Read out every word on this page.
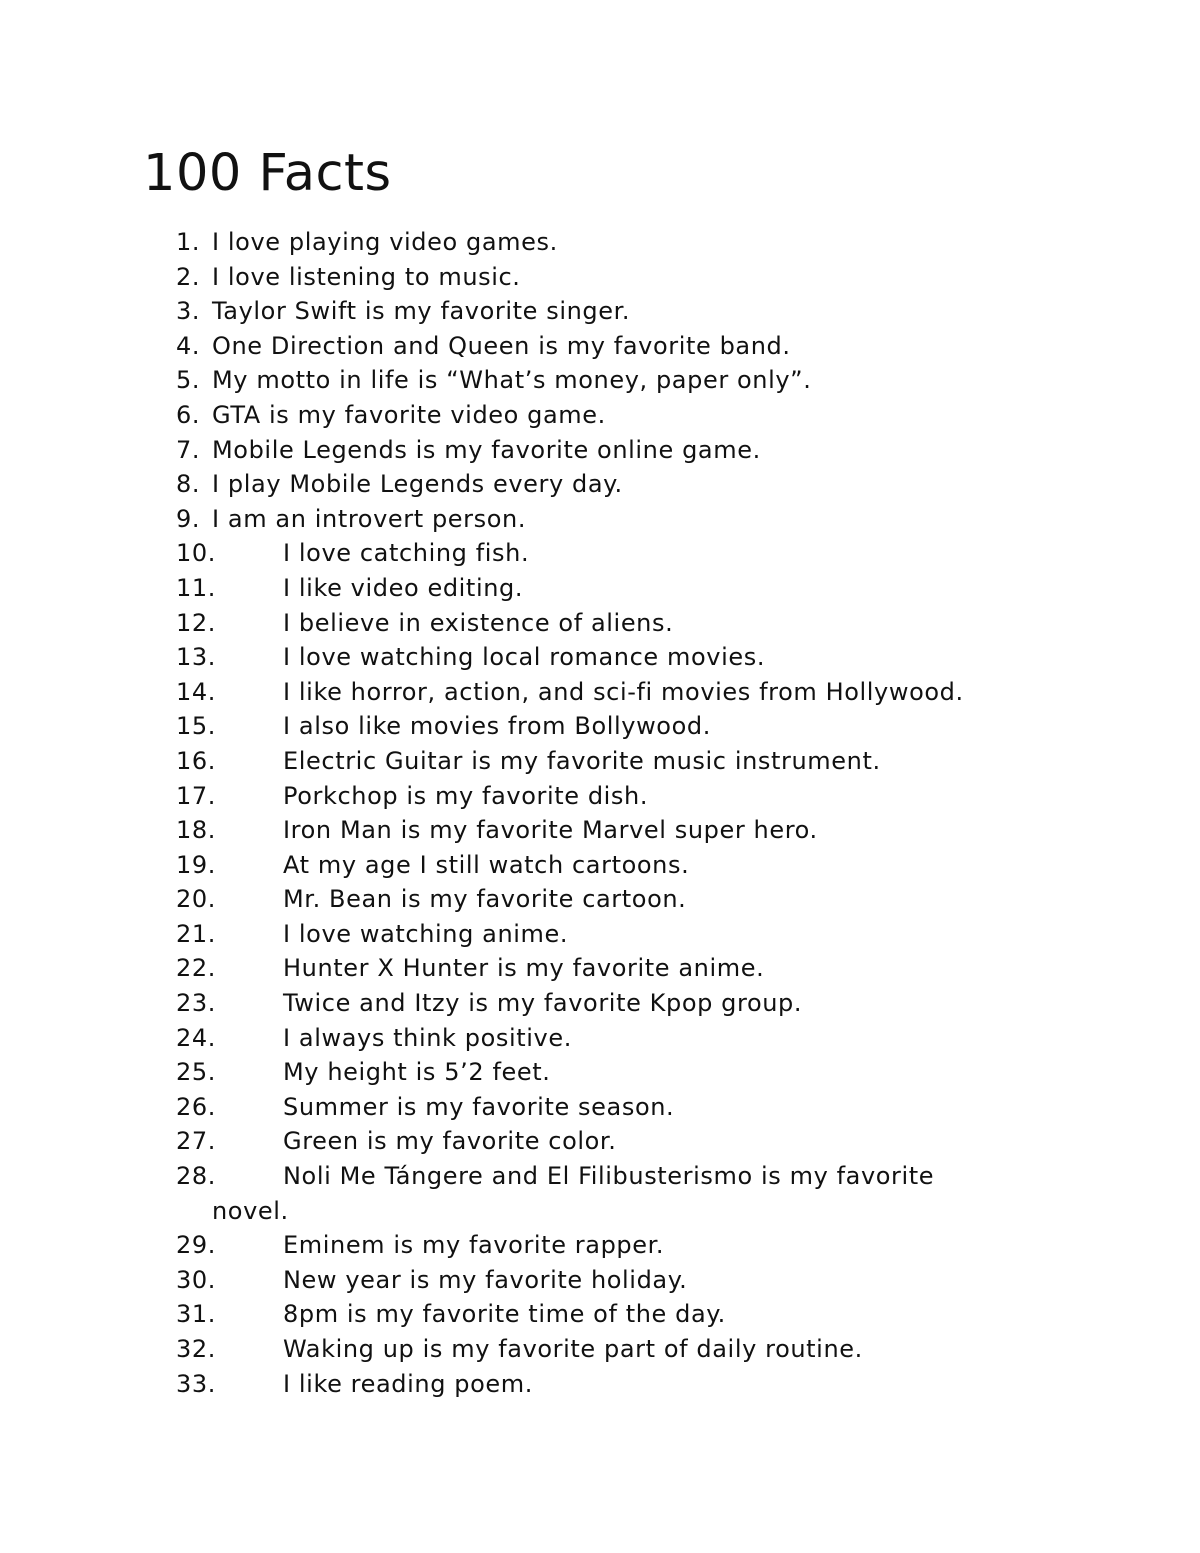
100 Facts
1. I love playing video games.
2. I love listening to music.
3. Taylor Swift is my favorite singer.
4. One Direction and Queen is my favorite band.
5. My motto in life is “What’s money, paper only”.
6. GTA is my favorite video game.
7. Mobile Legends is my favorite online game.
8. I play Mobile Legends every day.
9. I am an introvert person.
10.	I love catching fish.
11.	I like video editing.
12.	I believe in existence of aliens.
13.	I love watching local romance movies.
14.	I like horror, action, and sci-fi movies from Hollywood.
15.	I also like movies from Bollywood.
16.	Electric Guitar is my favorite music instrument.
17.	Porkchop is my favorite dish.
18.	Iron Man is my favorite Marvel super hero.
19.	At my age I still watch cartoons.
20.	Mr. Bean is my favorite cartoon.
21.	I love watching anime.
22.	Hunter X Hunter is my favorite anime.
23.	Twice and Itzy is my favorite Kpop group.
24.	I always think positive.
25.	My height is 5’2 feet.
26.	Summer is my favorite season.
27.	Green is my favorite color.
28.	Noli Me Tángere and El Filibusterismo is my favorite
novel.
29.	Eminem is my favorite rapper.
30.	New year is my favorite holiday.
31.	8pm is my favorite time of the day.
32.	Waking up is my favorite part of daily routine.
33.	I like reading poem.
